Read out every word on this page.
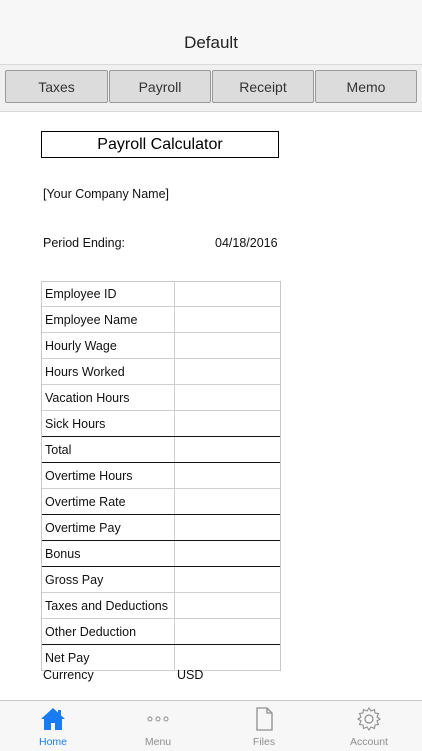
Default
Taxes	Payroll	Receipt	Memo
Payroll Calculator
[Your Company Name]
Period Ending:	04/18/2016
Employee ID
Employee Name
Hourly Wage
Hours Worked
Vacation Hours
Sick Hours
Total
Overtime Hours
Overtime Rate
Overtime Pay
Bonus
Gross Pay
Taxes and Deductions
Other Deduction
Net Pay
Currency	USD
Home	Menu	Files	Account
